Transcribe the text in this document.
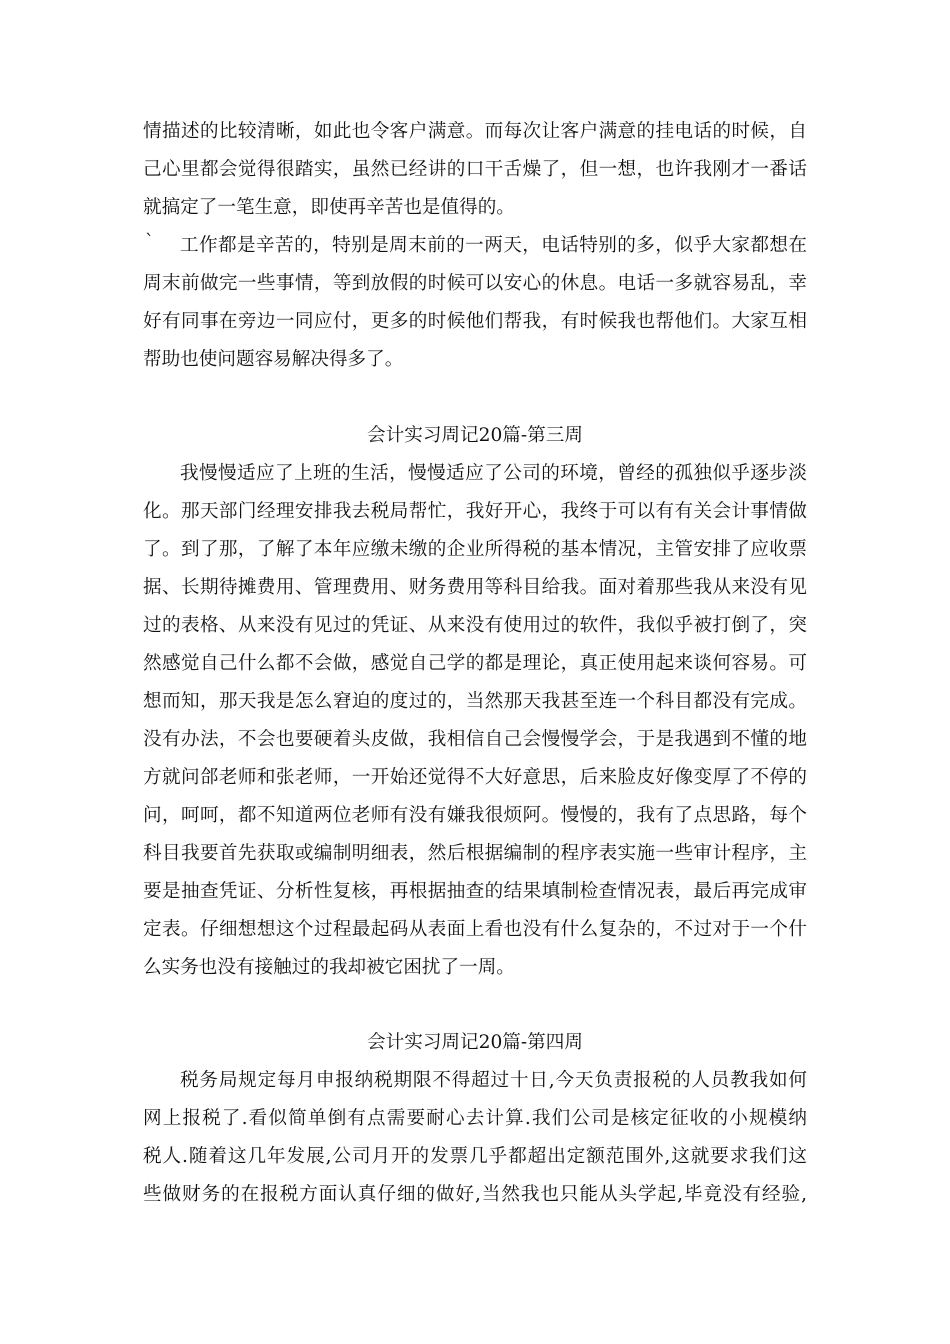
情描述的比较清晰，如此也令客户满意。而每次让客户满意的挂电话的时候，自
己心里都会觉得很踏实，虽然已经讲的口干舌燥了，但一想，也许我刚才一番话
就搞定了一笔生意，即使再辛苦也是值得的。
` 工作都是辛苦的，特别是周末前的一两天，电话特别的多，似乎大家都想在
周末前做完一些事情，等到放假的时候可以安心的休息。电话一多就容易乱，幸
好有同事在旁边一同应付，更多的时候他们帮我，有时候我也帮他们。大家互相
帮助也使问题容易解决得多了。
会计实习周记20篇-第三周
我慢慢适应了上班的生活，慢慢适应了公司的环境，曾经的孤独似乎逐步淡
化。那天部门经理安排我去税局帮忙，我好开心，我终于可以有有关会计事情做
了。到了那，了解了本年应缴未缴的企业所得税的基本情况，主管安排了应收票
据、长期待摊费用、管理费用、财务费用等科目给我。面对着那些我从来没有见
过的表格、从来没有见过的凭证、从来没有使用过的软件，我似乎被打倒了，突
然感觉自己什么都不会做，感觉自己学的都是理论，真正使用起来谈何容易。可
想而知，那天我是怎么窘迫的度过的，当然那天我甚至连一个科目都没有完成。
没有办法，不会也要硬着头皮做，我相信自己会慢慢学会，于是我遇到不懂的地
方就问郃老师和张老师，一开始还觉得不大好意思，后来脸皮好像变厚了不停的
问，呵呵，都不知道两位老师有没有嫌我很烦阿。慢慢的，我有了点思路，每个
科目我要首先获取或编制明细表，然后根据编制的程序表实施一些审计程序，主
要是抽查凭证、分析性复核，再根据抽查的结果填制检查情况表，最后再完成审
定表。仔细想想这个过程最起码从表面上看也没有什么复杂的，不过对于一个什
么实务也没有接触过的我却被它困扰了一周。
会计实习周记20篇-第四周
税务局规定每月申报纳税期限不得超过十日,今天负责报税的人员教我如何
网上报税了.看似简单倒有点需要耐心去计算.我们公司是核定征收的小规模纳
税人.随着这几年发展,公司月开的发票几乎都超出定额范围外,这就要求我们这
些做财务的在报税方面认真仔细的做好,当然我也只能从头学起,毕竟没有经验,
